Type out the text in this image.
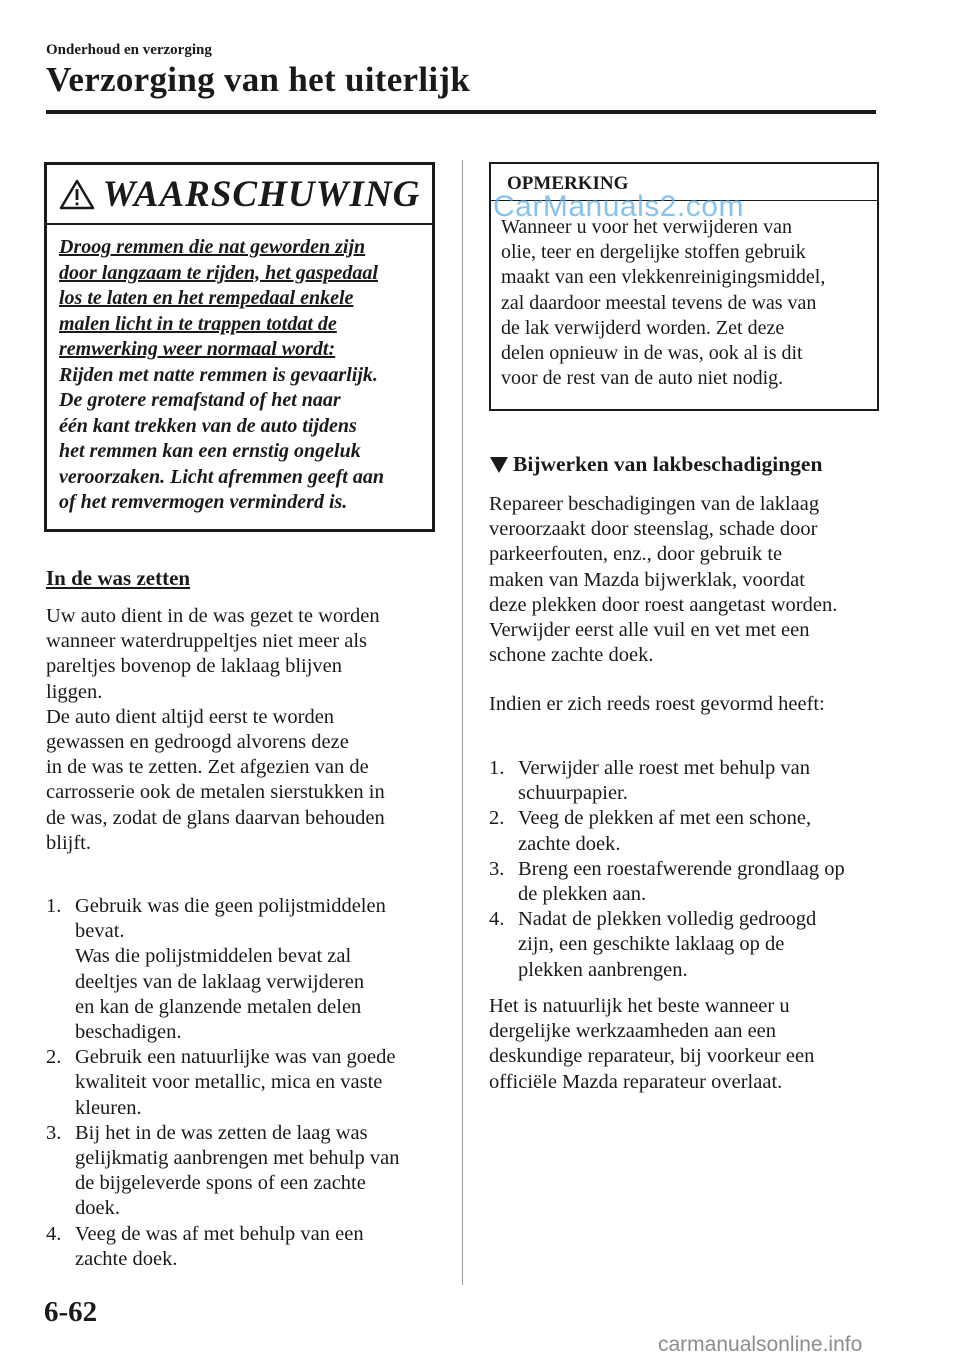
Onderhoud en verzorging
Verzorging van het uiterlijk
WAARSCHUWING
Droog remmen die nat geworden zijn
door langzaam te rijden, het gaspedaal
los te laten en het rempedaal enkele
malen licht in te trappen totdat de
remwerking weer normaal wordt:
Rijden met natte remmen is gevaarlijk.
De grotere remafstand of het naar
één kant trekken van de auto tijdens
het remmen kan een ernstig ongeluk
veroorzaken. Licht afremmen geeft aan
of het remvermogen verminderd is.
In de was zetten
Uw auto dient in de was gezet te worden
wanneer waterdruppeltjes niet meer als
pareltjes bovenop de laklaag blijven
liggen.
De auto dient altijd eerst te worden
gewassen en gedroogd alvorens deze
in de was te zetten. Zet afgezien van de
carrosserie ook de metalen sierstukken in
de was, zodat de glans daarvan behouden
blijft.
1. Gebruik was die geen polijstmiddelen
bevat.
Was die polijstmiddelen bevat zal
deeltjes van de laklaag verwijderen
en kan de glanzende metalen delen
beschadigen.
2. Gebruik een natuurlijke was van goede
kwaliteit voor metallic, mica en vaste
kleuren.
3. Bij het in de was zetten de laag was
gelijkmatig aanbrengen met behulp van
de bijgeleverde spons of een zachte
doek.
4. Veeg de was af met behulp van een
zachte doek.
OPMERKING
Wanneer u voor het verwijderen van
olie, teer en dergelijke stoffen gebruik
maakt van een vlekkenreinigingsmiddel,
zal daardoor meestal tevens de was van
de lak verwijderd worden. Zet deze
delen opnieuw in de was, ook al is dit
voor de rest van de auto niet nodig.
CarManuals2.com
Bijwerken van lakbeschadigingen
Repareer beschadigingen van de laklaag
veroorzaakt door steenslag, schade door
parkeerfouten, enz., door gebruik te
maken van Mazda bijwerklak, voordat
deze plekken door roest aangetast worden.
Verwijder eerst alle vuil en vet met een
schone zachte doek.
Indien er zich reeds roest gevormd heeft:
1. Verwijder alle roest met behulp van
schuurpapier.
2. Veeg de plekken af met een schone,
zachte doek.
3. Breng een roestafwerende grondlaag op
de plekken aan.
4. Nadat de plekken volledig gedroogd
zijn, een geschikte laklaag op de
plekken aanbrengen.
Het is natuurlijk het beste wanneer u
dergelijke werkzaamheden aan een
deskundige reparateur, bij voorkeur een
officiële Mazda reparateur overlaat.
6-62
carmanualsonline.info
